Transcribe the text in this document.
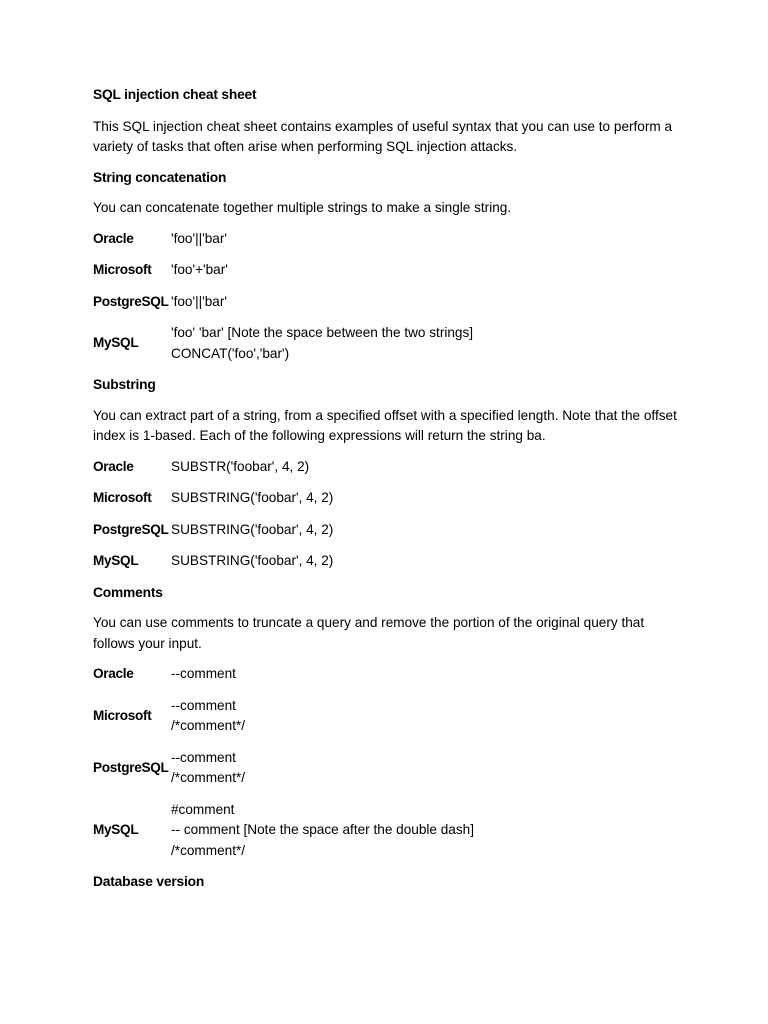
SQL injection cheat sheet

This SQL injection cheat sheet contains examples of useful syntax that you can use to perform a variety of tasks that often arise when performing SQL injection attacks.

String concatenation

You can concatenate together multiple strings to make a single string.

Oracle	'foo'||'bar'

Microsoft	'foo'+'bar'

PostgreSQL	'foo'||'bar'

MySQL	'foo' 'bar' [Note the space between the two strings]
CONCAT('foo','bar')
Substring

You can extract part of a string, from a specified offset with a specified length. Note that the offset index is 1-based. Each of the following expressions will return the string ba.

Oracle	SUBSTR('foobar', 4, 2)

Microsoft	SUBSTRING('foobar', 4, 2)

PostgreSQL	SUBSTRING('foobar', 4, 2)

MySQL	SUBSTRING('foobar', 4, 2)
Comments

You can use comments to truncate a query and remove the portion of the original query that follows your input.

Oracle	--comment

Microsoft	--comment
/*comment*/

PostgreSQL	--comment
/*comment*/

MySQL	#comment
-- comment [Note the space after the double dash]
/*comment*/
Database version
